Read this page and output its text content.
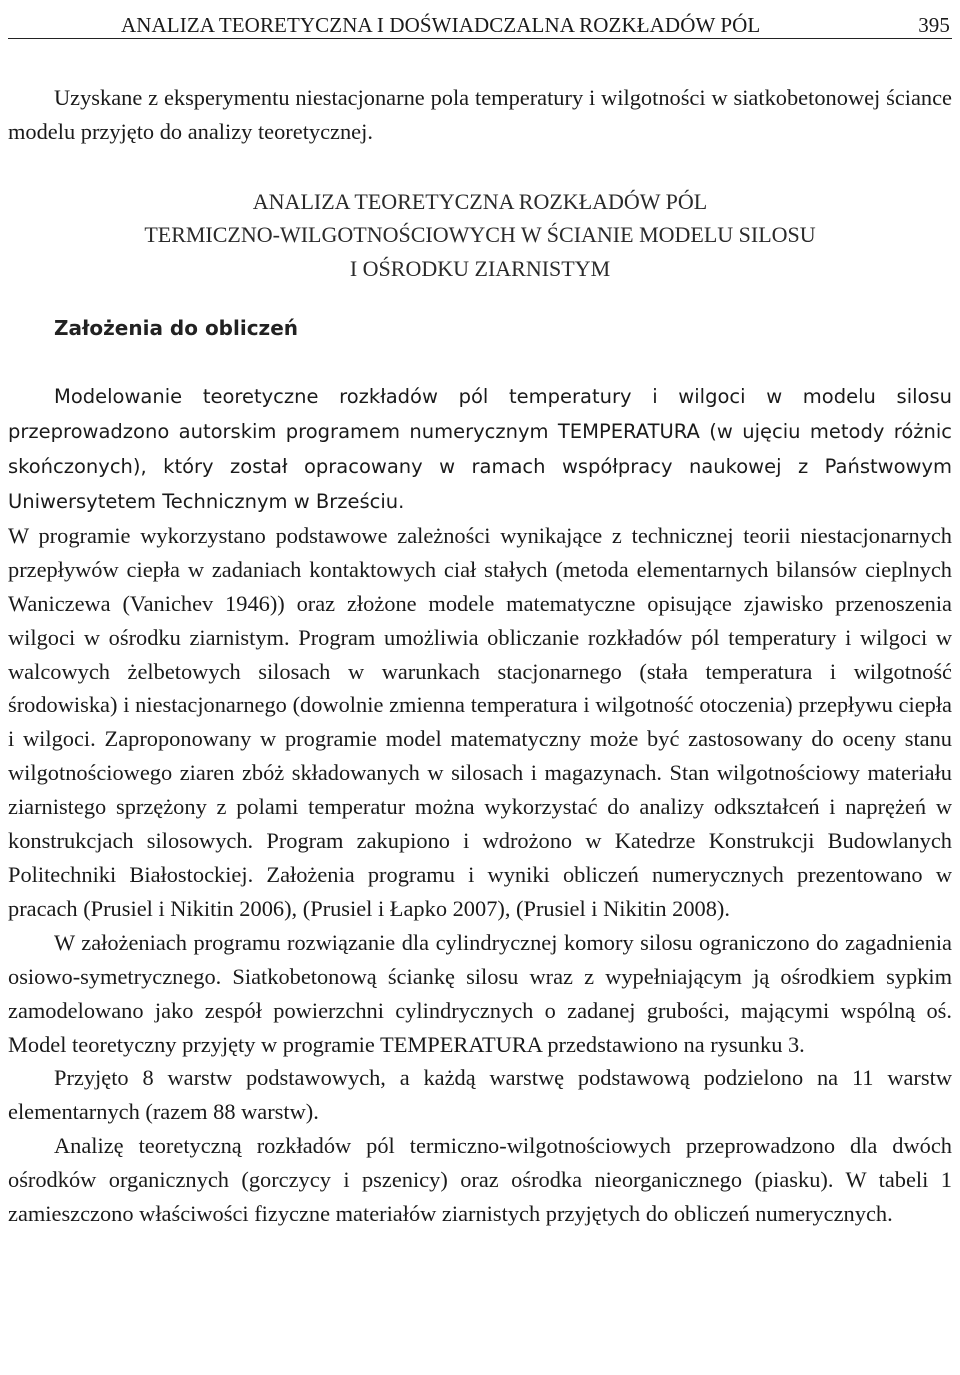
ANALIZA TEORETYCZNA I DOŚWIADCZALNA ROZKŁADÓW PÓL	395

Uzyskane z eksperymentu niestacjonarne pola temperatury i wilgotności w siatkobetonowej ściance modelu przyjęto do analizy teoretycznej.

ANALIZA TEORETYCZNA ROZKŁADÓW PÓL
TERMICZNO-WILGOTNOŚCIOWYCH W ŚCIANIE MODELU SILOSU
I OŚRODKU ZIARNISTYM
Założenia do obliczeń

Modelowanie teoretyczne rozkładów pól temperatury i wilgoci w modelu silosu przeprowadzono autorskim programem numerycznym TEMPERATURA (w ujęciu metody różnic skończonych), który został opracowany w ramach współpracy naukowej z Państwowym Uniwersytetem Technicznym w Brześciu.
W programie wykorzystano podstawowe zależności wynikające z technicznej teorii niestacjonarnych przepływów ciepła w zadaniach kontaktowych ciał stałych (metoda elementarnych bilansów cieplnych Waniczewa (Vanichev 1946)) oraz złożone modele matematyczne opisujące zjawisko przenoszenia wilgoci w ośrodku ziarnistym. Program umożliwia obliczanie rozkładów pól temperatury i wilgoci w walcowych żelbetowych silosach w warunkach stacjonarnego (stała temperatura i wilgotność środowiska) i niestacjonarnego (dowolnie zmienna temperatura i wilgotność otoczenia) przepływu ciepła i wilgoci. Zaproponowany w programie model matematyczny może być zastosowany do oceny stanu wilgotnościowego ziaren zbóż składowanych w silosach i magazynach. Stan wilgotnościowy materiału ziarnistego sprzężony z polami temperatur można wykorzystać do analizy odkształceń i naprężeń w konstrukcjach silosowych. Program zakupiono i wdrożono w Katedrze Konstrukcji Budowlanych Politechniki Białostockiej. Założenia programu i wyniki obliczeń numerycznych prezentowano w pracach (Prusiel i Nikitin 2006), (Prusiel i Łapko 2007), (Prusiel i Nikitin 2008).

W założeniach programu rozwiązanie dla cylindrycznej komory silosu ograniczono do zagadnienia osiowo-symetrycznego. Siatkobetonową ściankę silosu wraz z wypełniającym ją ośrodkiem sypkim zamodelowano jako zespół powierzchni cylindrycznych o zadanej grubości, mającymi wspólną oś. Model teoretyczny przyjęty w programie TEMPERATURA przedstawiono na rysunku 3.

Przyjęto 8 warstw podstawowych, a każdą warstwę podstawową podzielono na 11 warstw elementarnych (razem 88 warstw).

Analizę teoretyczną rozkładów pól termiczno-wilgotnościowych przeprowadzono dla dwóch ośrodków organicznych (gorczycy i pszenicy) oraz ośrodka nieorganicznego (piasku). W tabeli 1 zamieszczono właściwości fizyczne materiałów ziarnistych przyjętych do obliczeń numerycznych.
